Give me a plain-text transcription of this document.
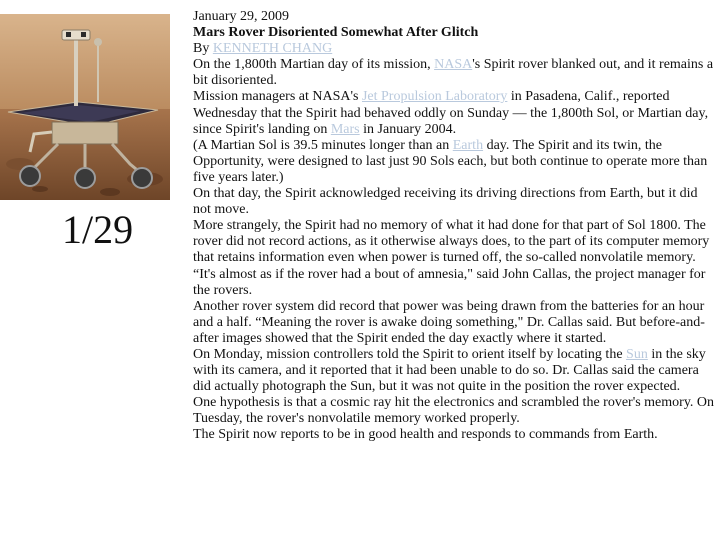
1/29

January 29, 2009

Mars Rover Disoriented Somewhat After Glitch

By KENNETH CHANG

On the 1,800th Martian day of its mission, NASA's Spirit rover blanked out, and it remains a bit disoriented.

Mission managers at NASA's Jet Propulsion Laboratory in Pasadena, Calif., reported Wednesday that the Spirit had behaved oddly on Sunday — the 1,800th Sol, or Martian day, since Spirit's landing on Mars in January 2004.

(A Martian Sol is 39.5 minutes longer than an Earth day. The Spirit and its twin, the Opportunity, were designed to last just 90 Sols each, but both continue to operate more than five years later.)

On that day, the Spirit acknowledged receiving its driving directions from Earth, but it did not move.

More strangely, the Spirit had no memory of what it had done for that part of Sol 1800. The rover did not record actions, as it otherwise always does, to the part of its computer memory that retains information even when power is turned off, the so-called nonvolatile memory. “It's almost as if the rover had a bout of amnesia," said John Callas, the project manager for the rovers.

Another rover system did record that power was being drawn from the batteries for an hour and a half. “Meaning the rover is awake doing something," Dr. Callas said. But before-and-after images showed that the Spirit ended the day exactly where it started.

On Monday, mission controllers told the Spirit to orient itself by locating the Sun in the sky with its camera, and it reported that it had been unable to do so. Dr. Callas said the camera did actually photograph the Sun, but it was not quite in the position the rover expected.

One hypothesis is that a cosmic ray hit the electronics and scrambled the rover's memory. On Tuesday, the rover's nonvolatile memory worked properly.

The Spirit now reports to be in good health and responds to commands from Earth.
